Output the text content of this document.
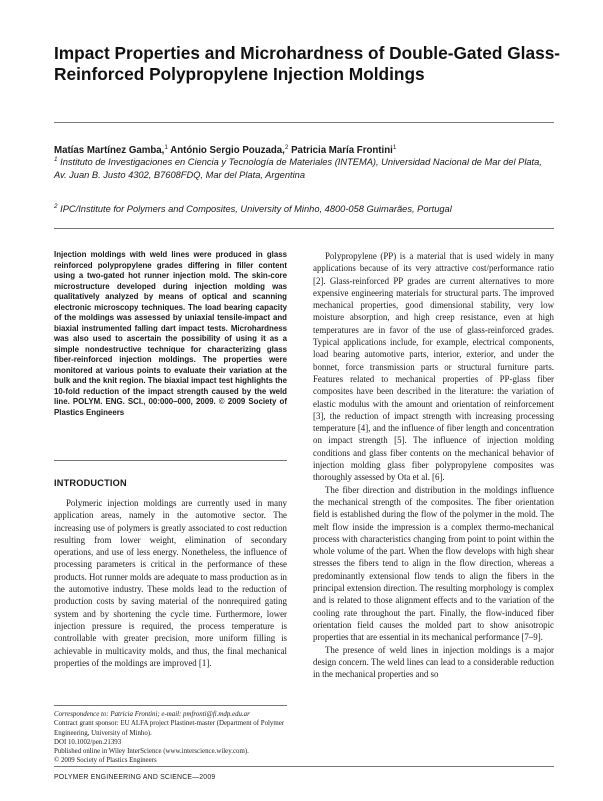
Impact Properties and Microhardness of Double-Gated Glass-Reinforced Polypropylene Injection Moldings
Matías Martínez Gamba,$^1$ António Sergio Pouzada,$^2$ Patricia María Frontini$^1$
$^1$ Instituto de Investigaciones en Ciencia y Tecnología de Materiales (INTEMA), Universidad Nacional de Mar del Plata, Av. Juan B. Justo 4302, B7608FDQ, Mar del Plata, Argentina
$^2$ IPC/Institute for Polymers and Composites, University of Minho, 4800-058 Guimarães, Portugal

Injection moldings with weld lines were produced in glass reinforced polypropylene grades differing in filler content using a two-gated hot runner injection mold. The skin-core microstructure developed during injection molding was qualitatively analyzed by means of optical and scanning electronic microscopy techniques. The load bearing capacity of the moldings was assessed by uniaxial tensile-impact and biaxial instrumented falling dart impact tests. Microhardness was also used to ascertain the possibility of using it as a simple nondestructive technique for characterizing glass fiber-reinforced injection moldings. The properties were monitored at various points to evaluate their variation at the bulk and the knit region. The biaxial impact test highlights the 10-fold reduction of the impact strength caused by the weld line. POLYM. ENG. SCI., 00:000–000, 2009. © 2009 Society of Plastics Engineers

INTRODUCTION

Polymeric injection moldings are currently used in many application areas, namely in the automotive sector. The increasing use of polymers is greatly associated to cost reduction resulting from lower weight, elimination of secondary operations, and use of less energy. Nonetheless, the influence of processing parameters is critical in the performance of these products. Hot runner molds are adequate to mass production as in the automotive industry. These molds lead to the reduction of production costs by saving material of the nonrequired gating system and by shortening the cycle time. Furthermore, lower injection pressure is required, the process temperature is controllable with greater precision, more uniform filling is achievable in multicavity molds, and thus, the final mechanical properties of the moldings are improved [1].

Correspondence to: Patricia Frontini; e-mail: pmfronti@fi.mdp.edu.ar
Contract grant sponsor: EU ALFA project Plastinet-master (Department of Polymer Engineering, University of Minho).
DOI 10.1002/pen.21393
Published online in Wiley InterScience (www.interscience.wiley.com).
© 2009 Society of Plastics Engineers

Polypropylene (PP) is a material that is used widely in many applications because of its very attractive cost/performance ratio [2]. Glass-reinforced PP grades are current alternatives to more expensive engineering materials for structural parts. The improved mechanical properties, good dimensional stability, very low moisture absorption, and high creep resistance, even at high temperatures are in favor of the use of glass-reinforced grades. Typical applications include, for example, electrical components, load bearing automotive parts, interior, exterior, and under the bonnet, force transmission parts or structural furniture parts. Features related to mechanical properties of PP-glass fiber composites have been described in the literature: the variation of elastic modulus with the amount and orientation of reinforcement [3], the reduction of impact strength with increasing processing temperature [4], and the influence of fiber length and concentration on impact strength [5]. The influence of injection molding conditions and glass fiber contents on the mechanical behavior of injection molding glass fiber polypropylene composites was thoroughly assessed by Ota et al. [6].

The fiber direction and distribution in the moldings influence the mechanical strength of the composites. The fiber orientation field is established during the flow of the polymer in the mold. The melt flow inside the impression is a complex thermo-mechanical process with characteristics changing from point to point within the whole volume of the part. When the flow develops with high shear stresses the fibers tend to align in the flow direction, whereas a predominantly extensional flow tends to align the fibers in the principal extension direction. The resulting morphology is complex and is related to those alignment effects and to the variation of the cooling rate throughout the part. Finally, the flow-induced fiber orientation field causes the molded part to show anisotropic properties that are essential in its mechanical performance [7–9].

The presence of weld lines in injection moldings is a major design concern. The weld lines can lead to a considerable reduction in the mechanical properties and so

POLYMER ENGINEERING AND SCIENCE—2009
